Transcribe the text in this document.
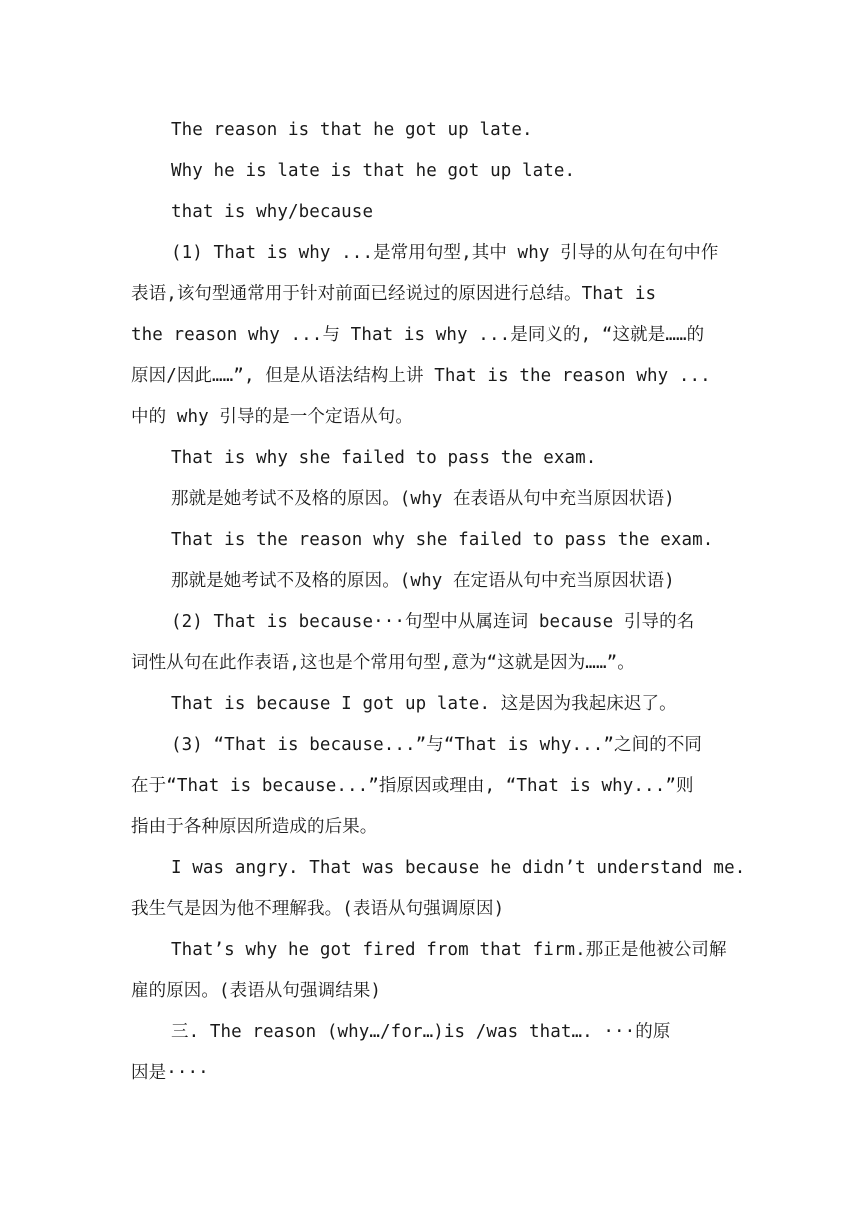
The reason is that he got up late.
Why he is late is that he got up late.
that is why/because
(1) That is why ...是常用句型,其中 why 引导的从句在句中作
表语,该句型通常用于针对前面已经说过的原因进行总结。That is
the reason why ...与 That is why ...是同义的, “这就是……的
原因/因此……”, 但是从语法结构上讲 That is the reason why ...
中的 why 引导的是一个定语从句。
That is why she failed to pass the exam.
那就是她考试不及格的原因。(why 在表语从句中充当原因状语)
That is the reason why she failed to pass the exam.
那就是她考试不及格的原因。(why 在定语从句中充当原因状语)
(2) That is because···句型中从属连词 because 引导的名
词性从句在此作表语,这也是个常用句型,意为“这就是因为……”。
That is because I got up late. 这是因为我起床迟了。
(3) “That is because...”与“That is why...”之间的不同
在于“That is because...”指原因或理由, “That is why...”则
指由于各种原因所造成的后果。
I was angry. That was because he didn’t understand me.
我生气是因为他不理解我。(表语从句强调原因)
That’s why he got fired from that firm.那正是他被公司解
雇的原因。(表语从句强调结果)
三. The reason (why…/for…)is /was that…. ···的原
因是····
